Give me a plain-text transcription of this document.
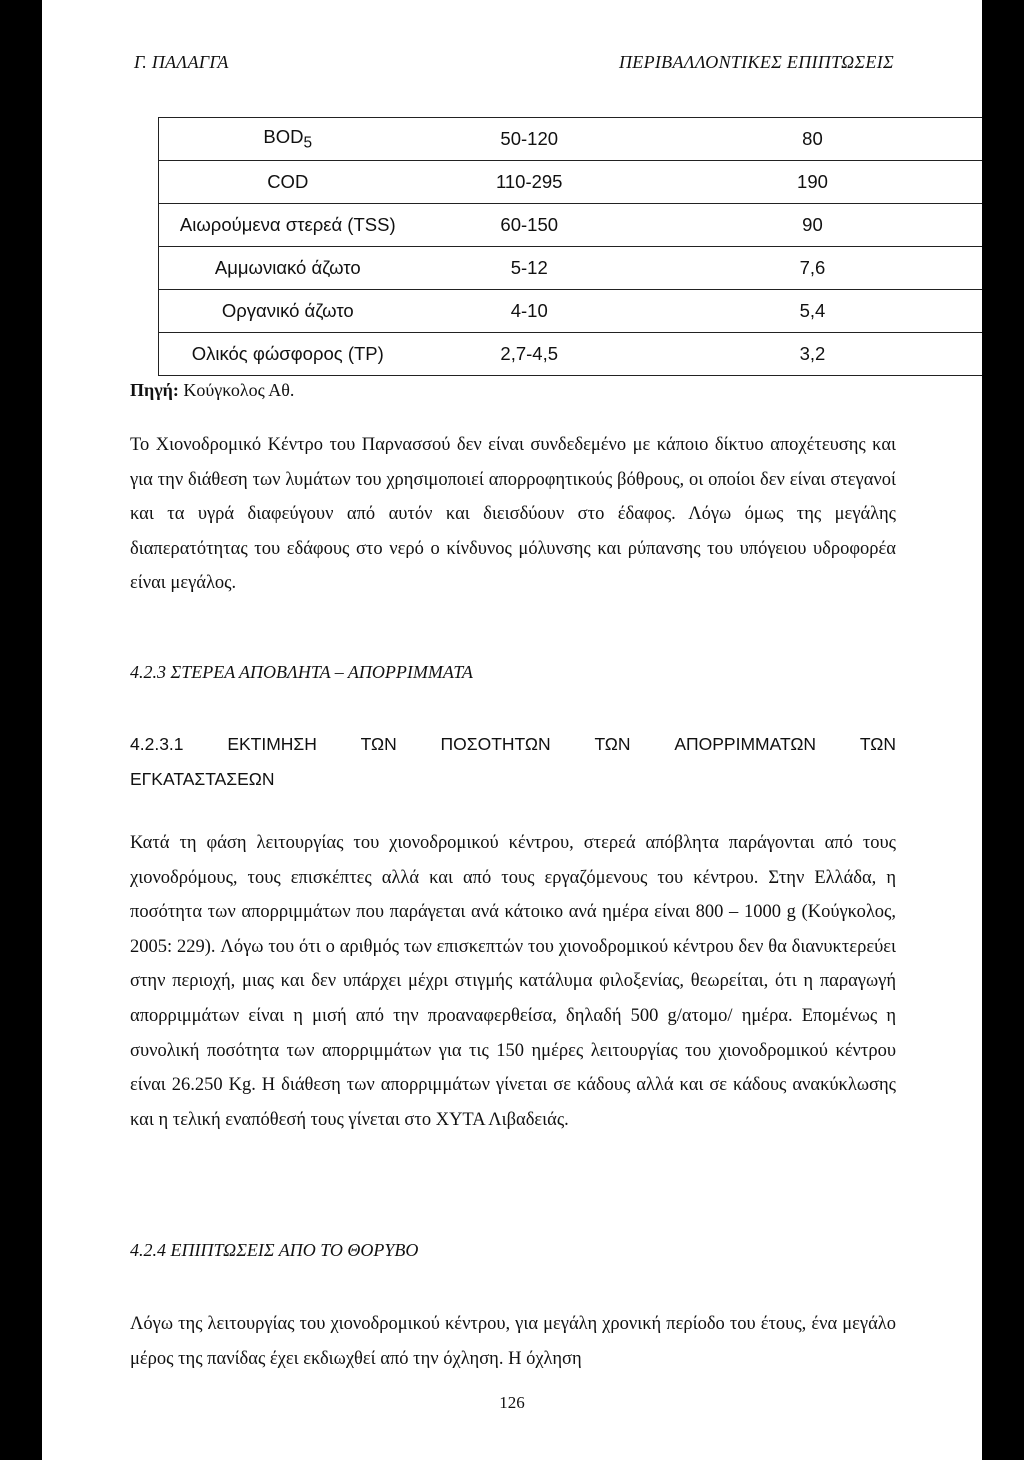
Γ. ΠΑΛΑΓΓΑ	ΠΕΡΙΒΑΛΛΟΝΤΙΚΕΣ ΕΠΙΠΤΩΣΕΙΣ
$BOD_5$	50-120	80
COD	110-295	190
Αιωρούμενα στερεά (TSS)	60-150	90
Αμμωνιακό άζωτο	5-12	7,6
Οργανικό άζωτο	4-10	5,4
Ολικός φώσφορος (TP)	2,7-4,5	3,2
Πηγή: Κούγκολος Αθ.
Το Χιονοδρομικό Κέντρο του Παρνασσού δεν είναι συνδεδεμένο με κάποιο δίκτυο αποχέτευσης και για την διάθεση των λυμάτων του χρησιμοποιεί απορροφητικούς βόθρους, οι οποίοι δεν είναι στεγανοί και τα υγρά διαφεύγουν από αυτόν και διεισδύουν στο έδαφος. Λόγω όμως της μεγάλης διαπερατότητας του εδάφους στο νερό ο κίνδυνος μόλυνσης και ρύπανσης του υπόγειου υδροφορέα είναι μεγάλος.
4.2.3 ΣΤΕΡΕΑ ΑΠΟΒΛΗΤΑ – ΑΠΟΡΡΙΜΜΑΤΑ
4.2.3.1	ΕΚΤΙΜΗΣΗ	ΤΩΝ	ΠΟΣΟΤΗΤΩΝ	ΤΩΝ	ΑΠΟΡΡΙΜΜΑΤΩΝ	ΤΩΝ
ΕΓΚΑΤΑΣΤΑΣΕΩΝ
Κατά τη φάση λειτουργίας του χιονοδρομικού κέντρου, στερεά απόβλητα παράγονται από τους χιονοδρόμους, τους επισκέπτες αλλά και από τους εργαζόμενους του κέντρου. Στην Ελλάδα, η ποσότητα των απορριμμάτων που παράγεται ανά κάτοικο ανά ημέρα είναι 800 – 1000 g (Κούγκολος, 2005: 229). Λόγω του ότι ο αριθμός των επισκεπτών του χιονοδρομικού κέντρου δεν θα διανυκτερεύει στην περιοχή, μιας και δεν υπάρχει μέχρι στιγμής κατάλυμα φιλοξενίας, θεωρείται, ότι η παραγωγή απορριμμάτων είναι η μισή από την προαναφερθείσα, δηλαδή 500 g/ατομο/ ημέρα. Επομένως η συνολική ποσότητα των απορριμμάτων για τις 150 ημέρες λειτουργίας του χιονοδρομικού κέντρου είναι 26.250 Kg. Η διάθεση των απορριμμάτων γίνεται σε κάδους αλλά και σε κάδους ανακύκλωσης και η τελική εναπόθεσή τους γίνεται στο ΧΥΤΑ Λιβαδειάς.
4.2.4 ΕΠΙΠΤΩΣΕΙΣ ΑΠΟ ΤΟ ΘΟΡΥΒΟ
Λόγω της λειτουργίας του χιονοδρομικού κέντρου, για μεγάλη χρονική περίοδο του έτους, ένα μεγάλο μέρος της πανίδας έχει εκδιωχθεί από την όχληση. Η όχληση
126
